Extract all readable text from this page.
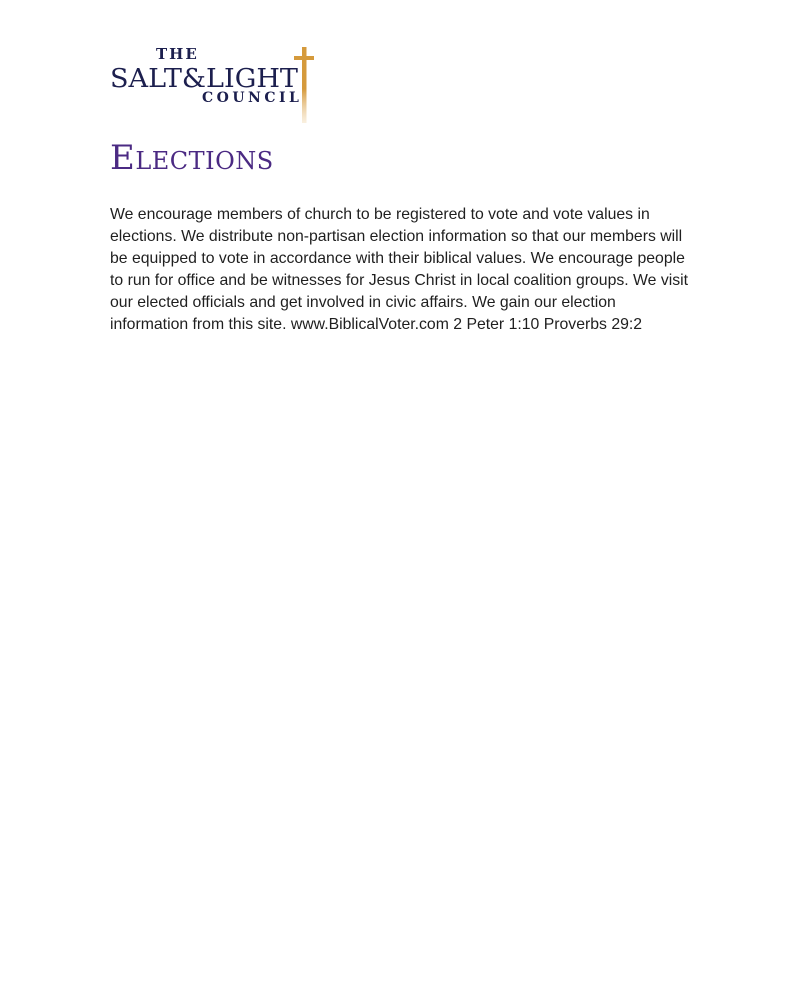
THE
SALT&LIGHT
COUNCIL
Elections

We encourage members of church to be registered to vote and vote values in elections. We distribute non-partisan election information so that our members will be equipped to vote in accordance with their biblical values. We encourage people to run for office and be witnesses for Jesus Christ in local coalition groups. We visit our elected officials and get involved in civic affairs. We gain our election information from this site. www.BiblicalVoter.com 2 Peter 1:10 Proverbs 29:2
